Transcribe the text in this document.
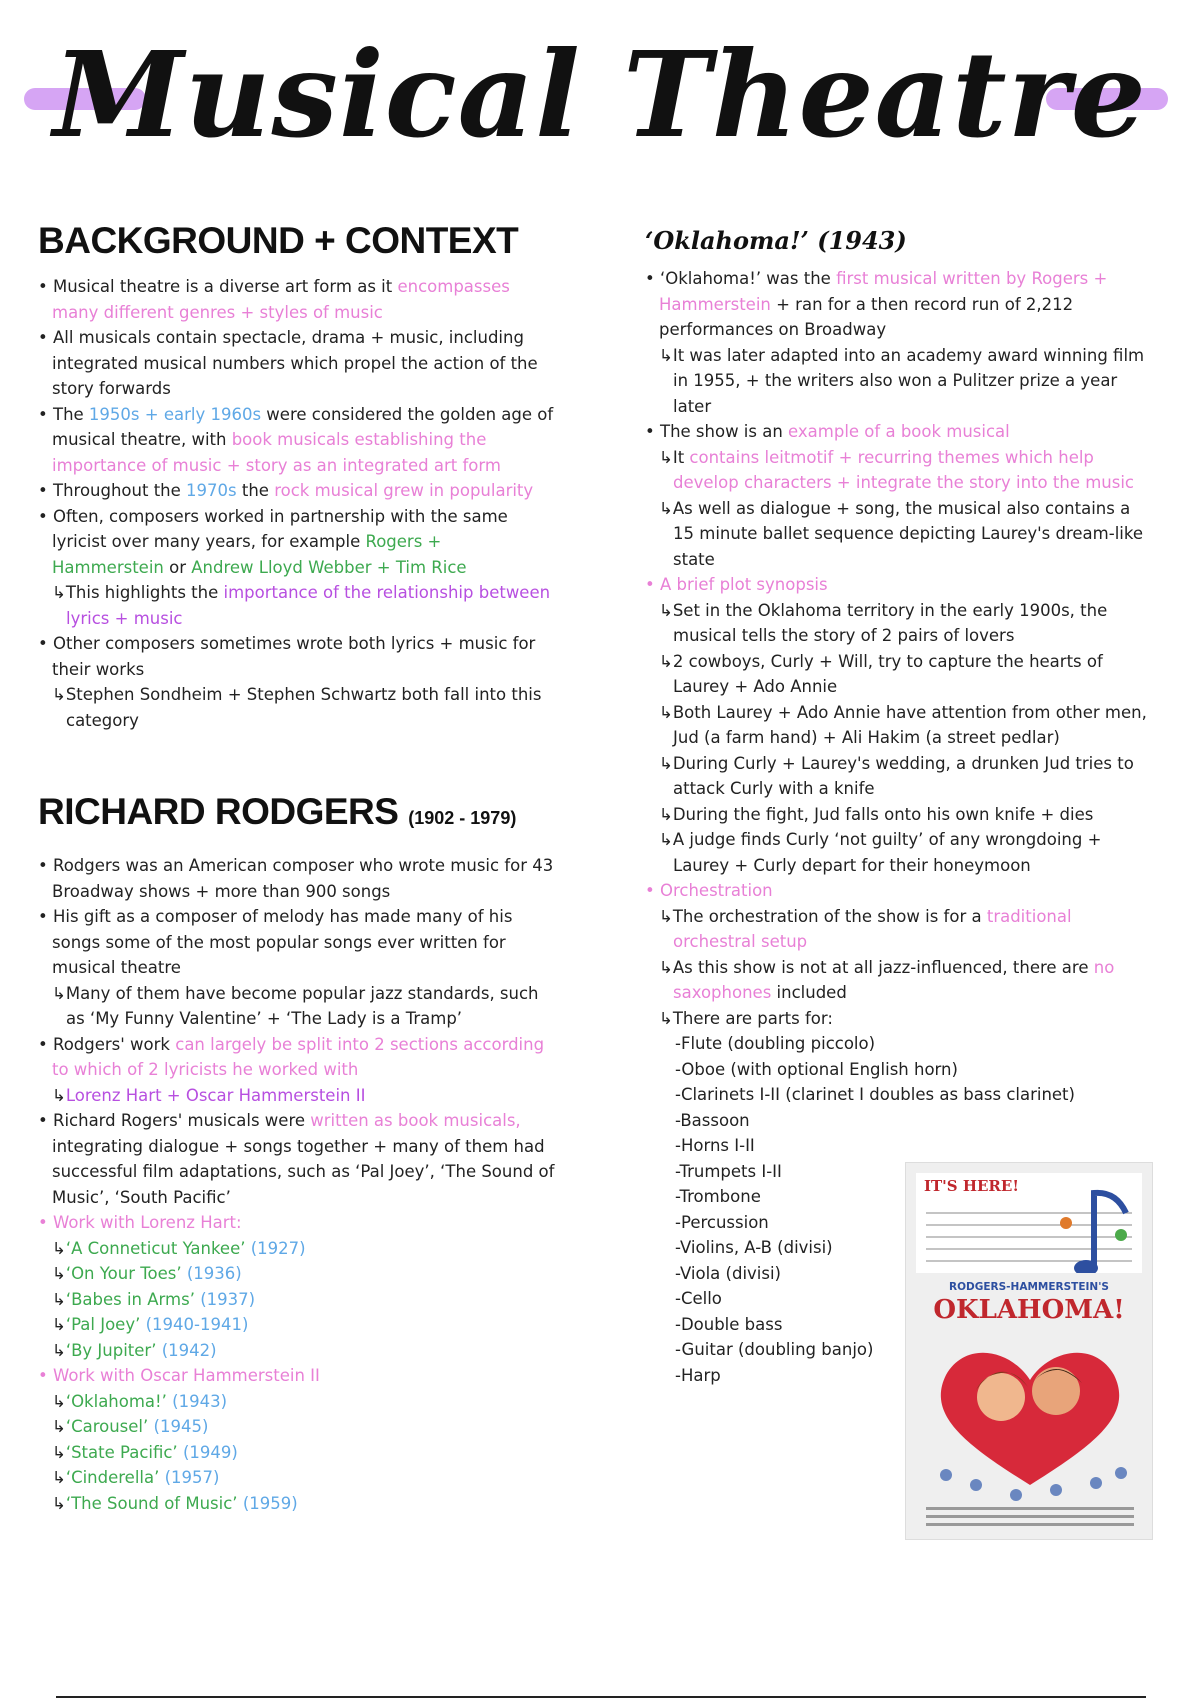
Musical Theatre
BACKGROUND + CONTEXT

• Musical theatre is a diverse art form as it encompasses many different genres + styles of music

• All musicals contain spectacle, drama + music, including integrated musical numbers which propel the action of the story forwards

• The 1950s + early 1960s were considered the golden age of musical theatre, with book musicals establishing the importance of music + story as an integrated art form

• Throughout the 1970s the rock musical grew in popularity

• Often, composers worked in partnership with the same lyricist over many years, for example Rogers + Hammerstein or Andrew Lloyd Webber + Tim Rice

↳This highlights the importance of the relationship between lyrics + music

• Other composers sometimes wrote both lyrics + music for their works

↳Stephen Sondheim + Stephen Schwartz both fall into this category

RICHARD RODGERS (1902 - 1979)

• Rodgers was an American composer who wrote music for 43 Broadway shows + more than 900 songs

• His gift as a composer of melody has made many of his songs some of the most popular songs ever written for musical theatre

↳Many of them have become popular jazz standards, such as ‘My Funny Valentine’ + ‘The Lady is a Tramp’

• Rodgers' work can largely be split into 2 sections according to which of 2 lyricists he worked with

↳Lorenz Hart + Oscar Hammerstein II

• Richard Rogers' musicals were written as book musicals, integrating dialogue + songs together + many of them had successful film adaptations, such as ‘Pal Joey’, ‘The Sound of Music’, ‘South Pacific’

• Work with Lorenz Hart:

↳‘A Conneticut Yankee’ (1927)

↳‘On Your Toes’ (1936)

↳‘Babes in Arms’ (1937)

↳‘Pal Joey’ (1940-1941)

↳‘By Jupiter’ (1942)

• Work with Oscar Hammerstein II

↳‘Oklahoma!’ (1943)

↳‘Carousel’ (1945)

↳‘State Pacific’ (1949)

↳‘Cinderella’ (1957)

↳‘The Sound of Music’ (1959)

‘Oklahoma!’ (1943)

• ‘Oklahoma!’ was the first musical written by Rogers + Hammerstein + ran for a then record run of 2,212 performances on Broadway

↳It was later adapted into an academy award winning film in 1955, + the writers also won a Pulitzer prize a year later

• The show is an example of a book musical

↳It contains leitmotif + recurring themes which help develop characters + integrate the story into the music

↳As well as dialogue + song, the musical also contains a 15 minute ballet sequence depicting Laurey's dream-like state

• A brief plot synopsis

↳Set in the Oklahoma territory in the early 1900s, the musical tells the story of 2 pairs of lovers

↳2 cowboys, Curly + Will, try to capture the hearts of Laurey + Ado Annie

↳Both Laurey + Ado Annie have attention from other men, Jud (a farm hand) + Ali Hakim (a street pedlar)

↳During Curly + Laurey's wedding, a drunken Jud tries to attack Curly with a knife

↳During the fight, Jud falls onto his own knife + dies

↳A judge finds Curly ‘not guilty’ of any wrongdoing + Laurey + Curly depart for their honeymoon

• Orchestration

↳The orchestration of the show is for a traditional orchestral setup

↳As this show is not at all jazz-influenced, there are no saxophones included

↳There are parts for:

-Flute (doubling piccolo)

-Oboe (with optional English horn)

-Clarinets I-II (clarinet I doubles as bass clarinet)

-Bassoon

-Horns I-II

-Trumpets I-II

-Trombone

-Percussion

-Violins, A-B (divisi)

-Viola (divisi)

-Cello

-Double bass

-Guitar (doubling banjo)

-Harp

IT'S HERE!
RODGERS-HAMMERSTEIN'S
OKLAHOMA!
